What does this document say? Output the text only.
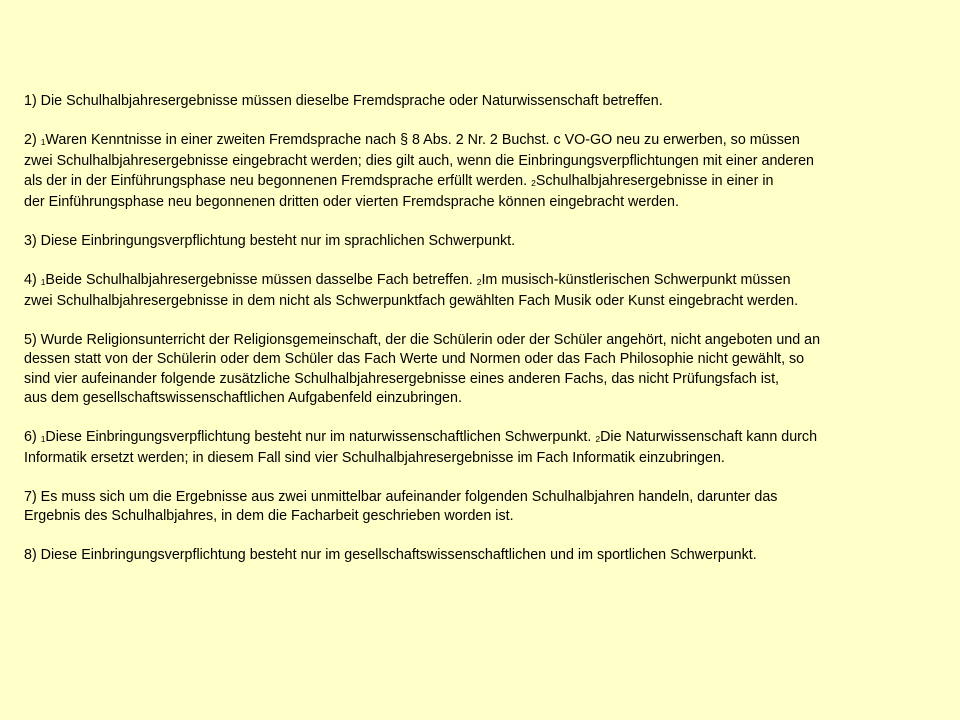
1) Die Schulhalbjahresergebnisse müssen dieselbe Fremdsprache oder Naturwissenschaft betreffen.
2) 1Waren Kenntnisse in einer zweiten Fremdsprache nach § 8 Abs. 2 Nr. 2 Buchst. c VO-GO neu zu erwerben, so müssen
zwei Schulhalbjahresergebnisse eingebracht werden; dies gilt auch, wenn die Einbringungsverpflichtungen mit einer anderen
als der in der Einführungsphase neu begonnenen Fremdsprache erfüllt werden. 2Schulhalbjahresergebnisse in einer in
der Einführungsphase neu begonnenen dritten oder vierten Fremdsprache können eingebracht werden.
3) Diese Einbringungsverpflichtung besteht nur im sprachlichen Schwerpunkt.
4) 1Beide Schulhalbjahresergebnisse müssen dasselbe Fach betreffen. 2Im musisch-künstlerischen Schwerpunkt müssen
zwei Schulhalbjahresergebnisse in dem nicht als Schwerpunktfach gewählten Fach Musik oder Kunst eingebracht werden.
5) Wurde Religionsunterricht der Religionsgemeinschaft, der die Schülerin oder der Schüler angehört, nicht angeboten und an
dessen statt von der Schülerin oder dem Schüler das Fach Werte und Normen oder das Fach Philosophie nicht gewählt, so
sind vier aufeinander folgende zusätzliche Schulhalbjahresergebnisse eines anderen Fachs, das nicht Prüfungsfach ist,
aus dem gesellschaftswissenschaftlichen Aufgabenfeld einzubringen.
6) 1Diese Einbringungsverpflichtung besteht nur im naturwissenschaftlichen Schwerpunkt. 2Die Naturwissenschaft kann durch
Informatik ersetzt werden; in diesem Fall sind vier Schulhalbjahresergebnisse im Fach Informatik einzubringen.
7) Es muss sich um die Ergebnisse aus zwei unmittelbar aufeinander folgenden Schulhalbjahren handeln, darunter das
Ergebnis des Schulhalbjahres, in dem die Facharbeit geschrieben worden ist.
8) Diese Einbringungsverpflichtung besteht nur im gesellschaftswissenschaftlichen und im sportlichen Schwerpunkt.
